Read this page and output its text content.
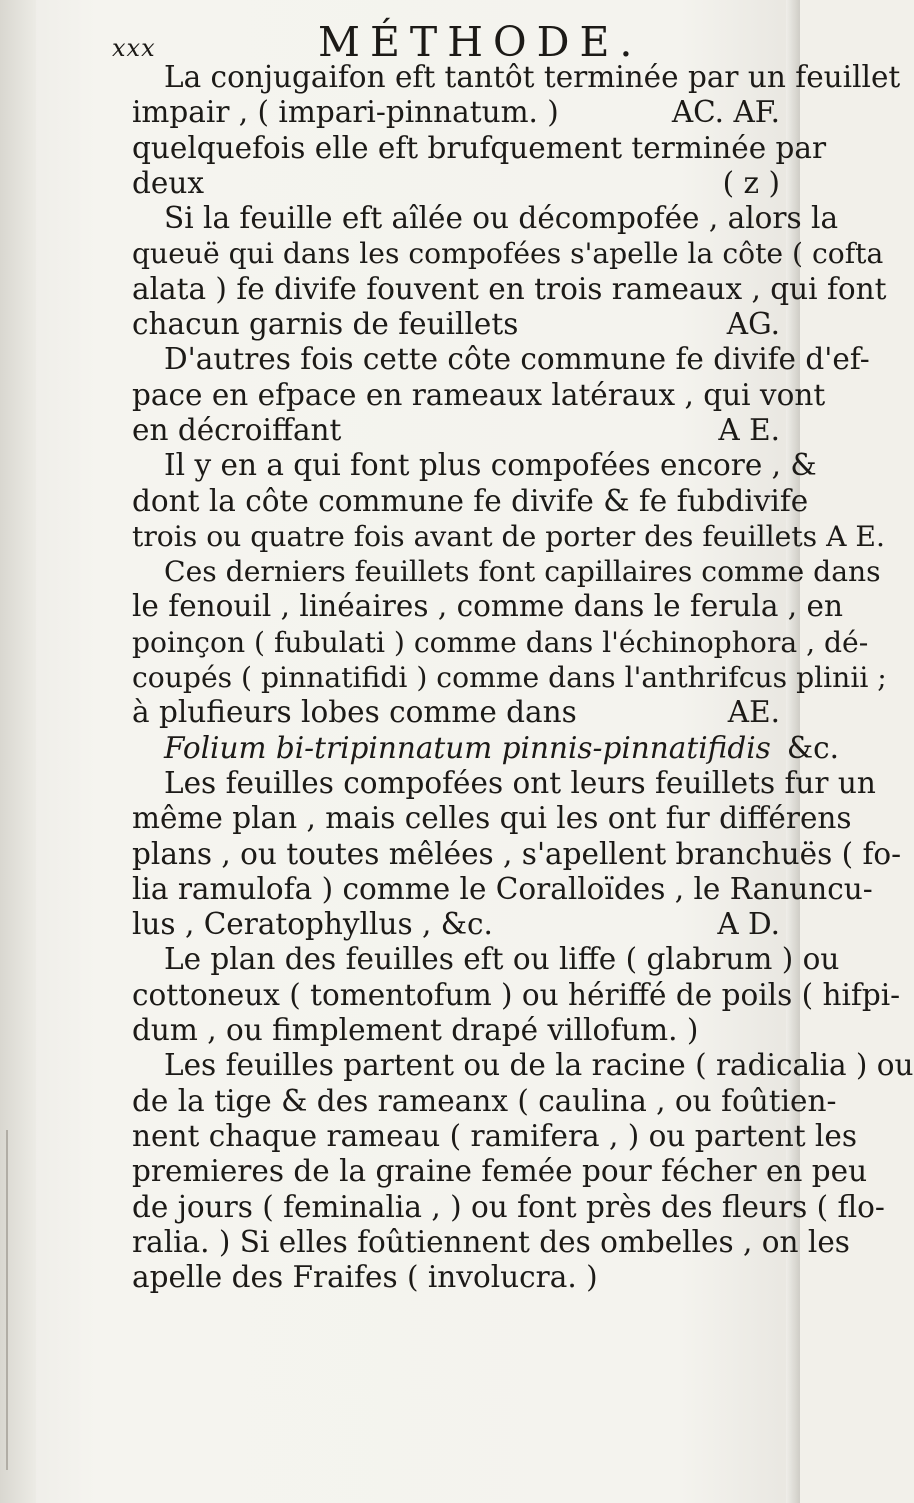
xxx	MÉTHODE.
La conjugaifon eft tantôt terminée par un feuillet
impair , ( impari-pinnatum. )	AC. AF.
quelquefois elle eft brufquement terminée par
deux	( z )
Si la feuille eft aîlée ou décompofée , alors la
queuë qui dans les compofées s'apelle la côte ( cofta
alata ) fe divife fouvent en trois rameaux , qui font
chacun garnis de feuillets	AG.
D'autres fois cette côte commune fe divife d'ef-
pace en efpace en rameaux latéraux , qui vont
en décroiffant	A E.
Il y en a qui font plus compofées encore , &
dont la côte commune fe divife & fe fubdivife
trois ou quatre fois avant de porter des feuillets A E.
Ces derniers feuillets font capillaires comme dans
le fenouil , linéaires , comme dans le ferula , en
poinçon ( fubulati ) comme dans l'échinophora , dé-
coupés ( pinnatifidi ) comme dans l'anthrifcus plinii ;
à plufieurs lobes comme dans	AE.
Folium bi-tripinnatum pinnis-pinnatifidis &c.
Les feuilles compofées ont leurs feuillets fur un
même plan , mais celles qui les ont fur différens
plans , ou toutes mêlées , s'apellent branchuës ( fo-
lia ramulofa ) comme le Coralloïdes , le Ranuncu-
lus , Ceratophyllus , &c.	A D.
Le plan des feuilles eft ou liffe ( glabrum ) ou
cottoneux ( tomentofum ) ou hériffé de poils ( hifpi-
dum , ou fimplement drapé villofum. )
Les feuilles partent ou de la racine ( radicalia ) ou
de la tige & des rameanx ( caulina , ou foûtien-
nent chaque rameau ( ramifera , ) ou partent les
premieres de la graine femée pour fécher en peu
de jours ( feminalia , ) ou font près des fleurs ( flo-
ralia. ) Si elles foûtiennent des ombelles , on les
apelle des Fraifes ( involucra. )
